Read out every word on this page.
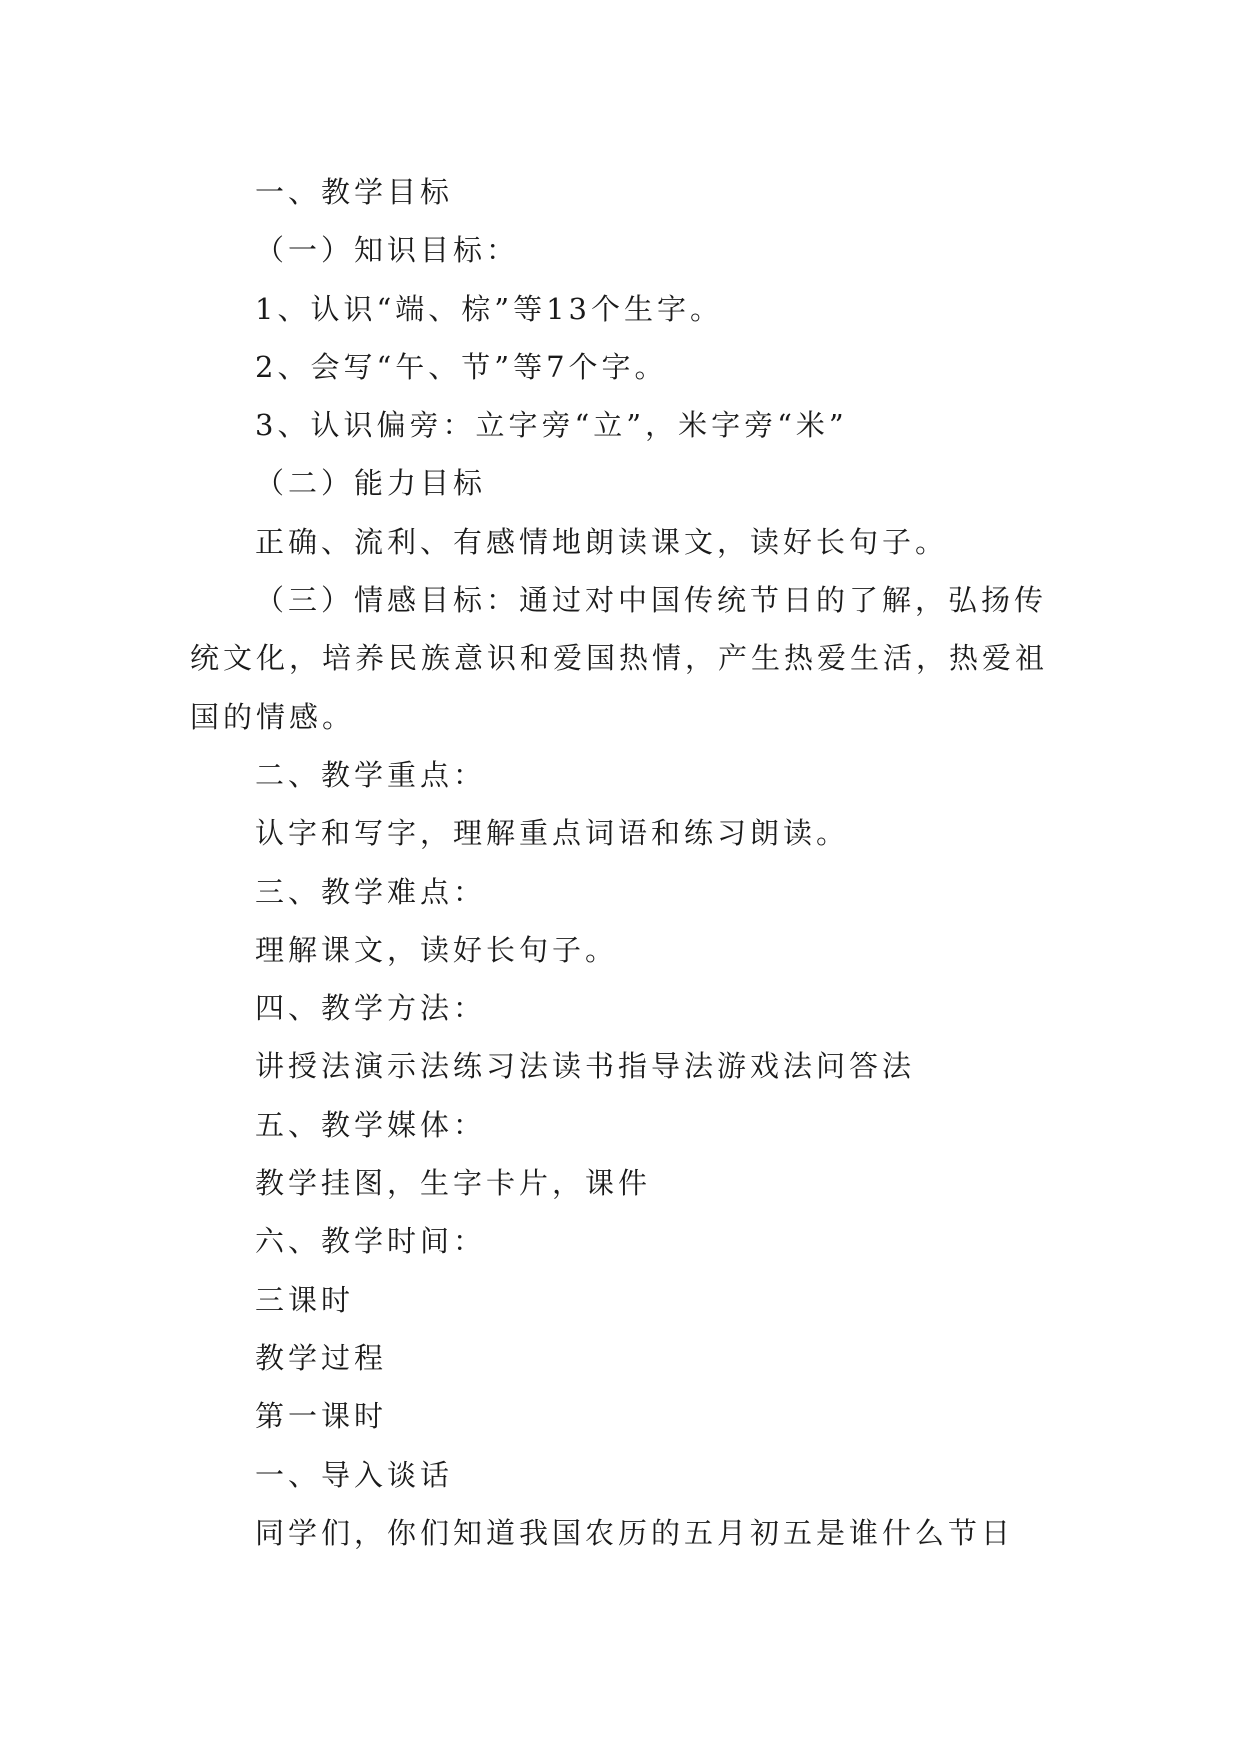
一、教学目标
（一）知识目标：
1、认识“端、棕”等13个生字。
2、会写“午、节”等7个字。
3、认识偏旁：立字旁“立”，米字旁“米”
（二）能力目标
正确、流利、有感情地朗读课文，读好长句子。
（三）情感目标：通过对中国传统节日的了解，弘扬传统文化，培养民族意识和爱国热情，产生热爱生活，热爱祖国的情感。
二、教学重点：
认字和写字，理解重点词语和练习朗读。
三、教学难点：
理解课文，读好长句子。
四、教学方法：
讲授法演示法练习法读书指导法游戏法问答法
五、教学媒体：
教学挂图，生字卡片，课件
六、教学时间：
三课时
教学过程
第一课时
一、导入谈话
同学们，你们知道我国农历的五月初五是谁什么节日
